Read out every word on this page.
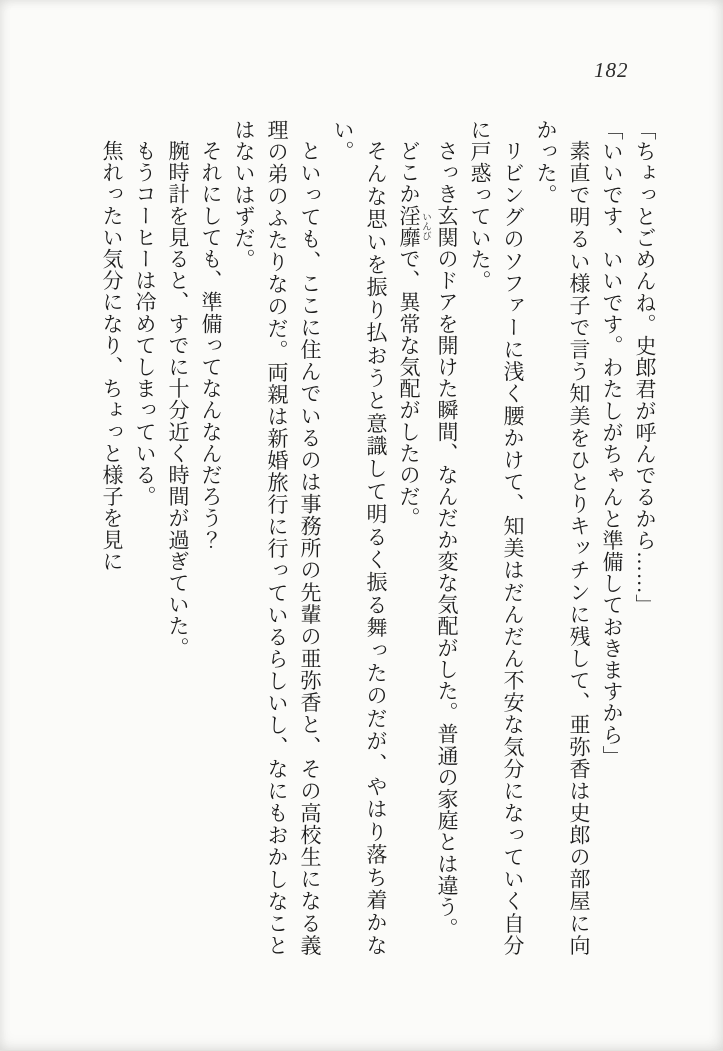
182

「ちょっとごめんね。史郎君が呼んでるから……」

「いいです、いいです。わたしがちゃんと準備しておきますから」

素直で明るい様子で言う知美をひとりキッチンに残して、亜弥香は史郎の部屋に向かった。

リビングのソファーに浅く腰かけて、知美はだんだん不安な気分になっていく自分に戸惑っていた。

さっき玄関のドアを開けた瞬間、なんだか変な気配がした。普通の家庭とは違う。

どこか淫靡 いんびで、異常な気配がしたのだ。

そんな思いを振り払おうと意識して明るく振る舞ったのだが、やはり落ち着かない。

といっても、ここに住んでいるのは事務所の先輩の亜弥香と、その高校生になる義理の弟のふたりなのだ。両親は新婚旅行に行っているらしいし、なにもおかしなことはないはずだ。

それにしても、準備ってなんなんだろう？

腕時計を見ると、すでに十分近く時間が過ぎていた。

もうコーヒーは冷めてしまっている。

焦れったい気分になり、ちょっと様子を見に
